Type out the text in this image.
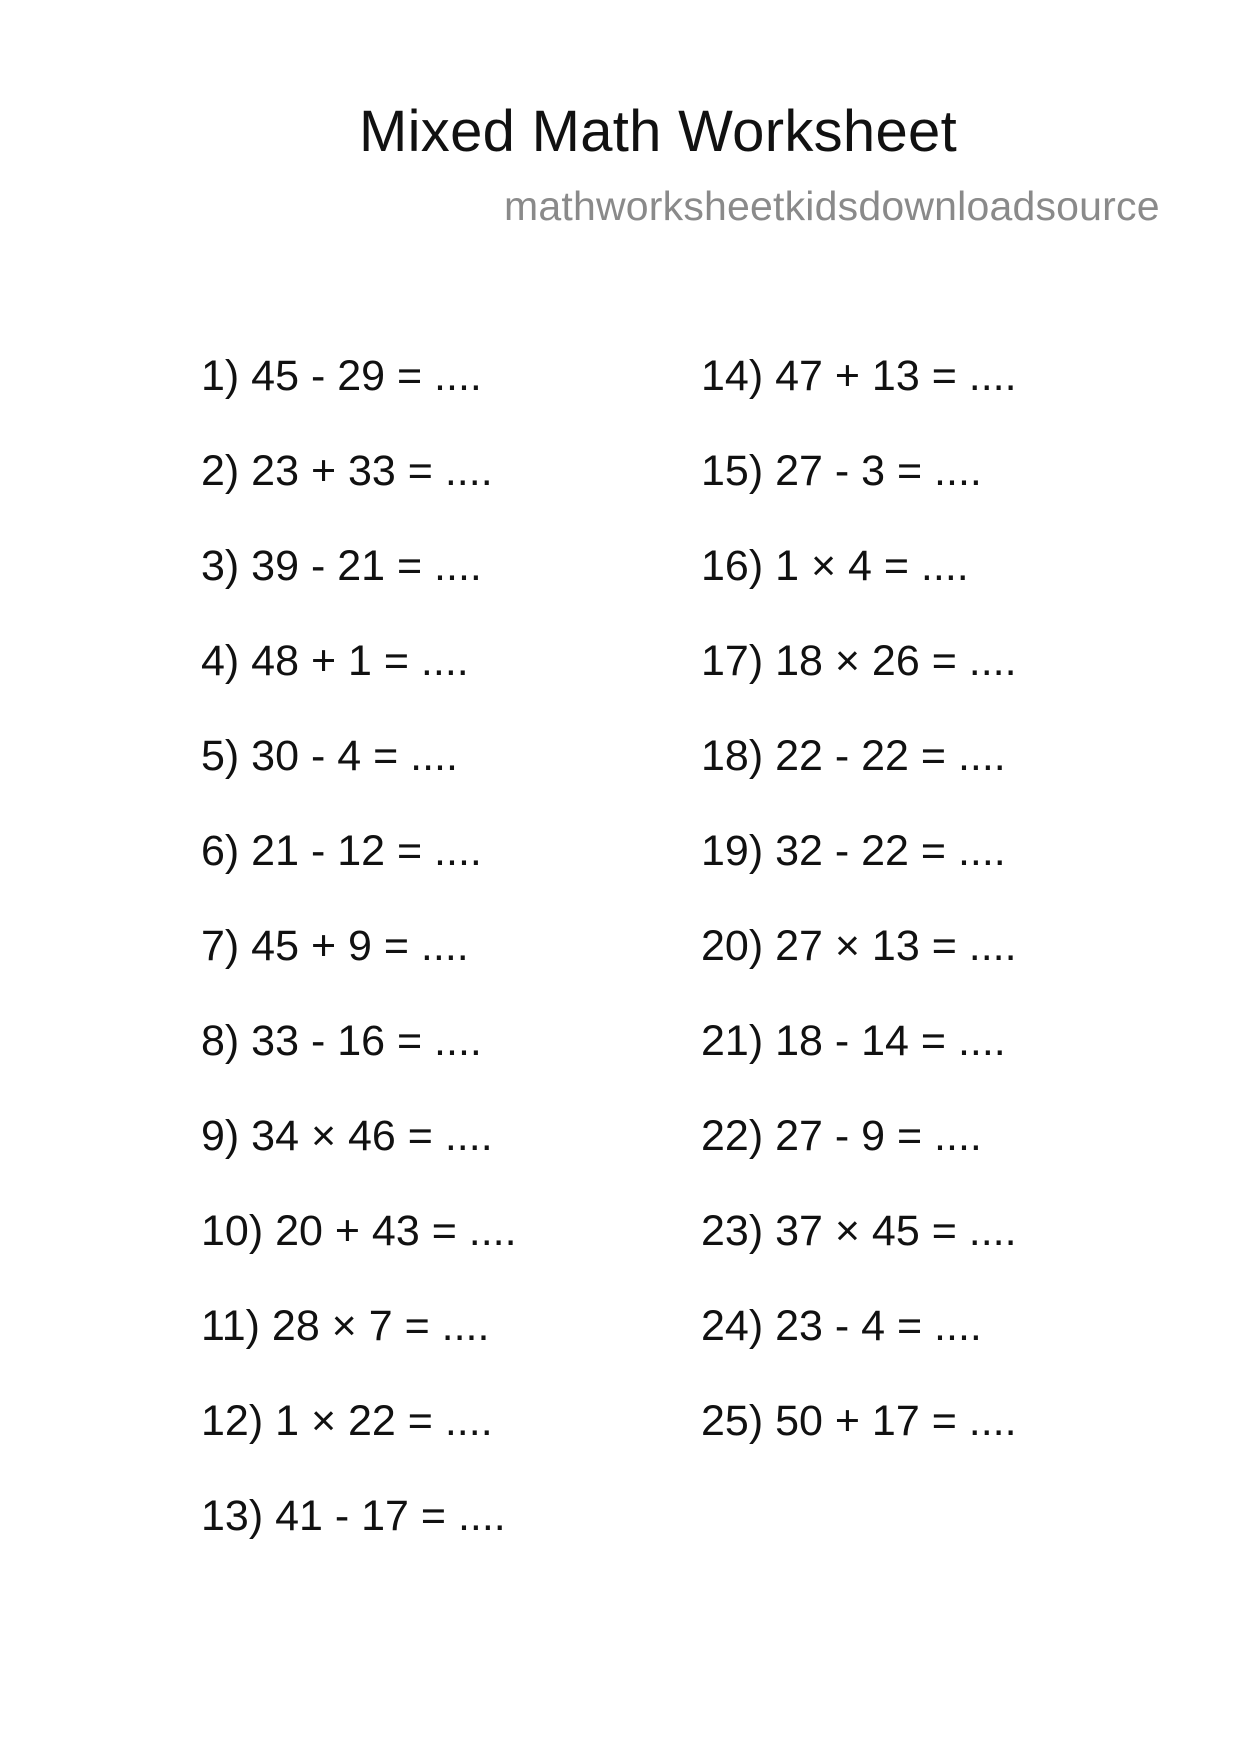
Mixed Math Worksheet
mathworksheetkidsdownloadsource
1) 45 - 29 = ....
2) 23 + 33 = ....
3) 39 - 21 = ....
4) 48 + 1 = ....
5) 30 - 4 = ....
6) 21 - 12 = ....
7) 45 + 9 = ....
8) 33 - 16 = ....
9) 34 × 46 = ....
10) 20 + 43 = ....
11) 28 × 7 = ....
12) 1 × 22 = ....
13) 41 - 17 = ....
14) 47 + 13 = ....
15) 27 - 3 = ....
16) 1 × 4 = ....
17) 18 × 26 = ....
18) 22 - 22 = ....
19) 32 - 22 = ....
20) 27 × 13 = ....
21) 18 - 14 = ....
22) 27 - 9 = ....
23) 37 × 45 = ....
24) 23 - 4 = ....
25) 50 + 17 = ....
